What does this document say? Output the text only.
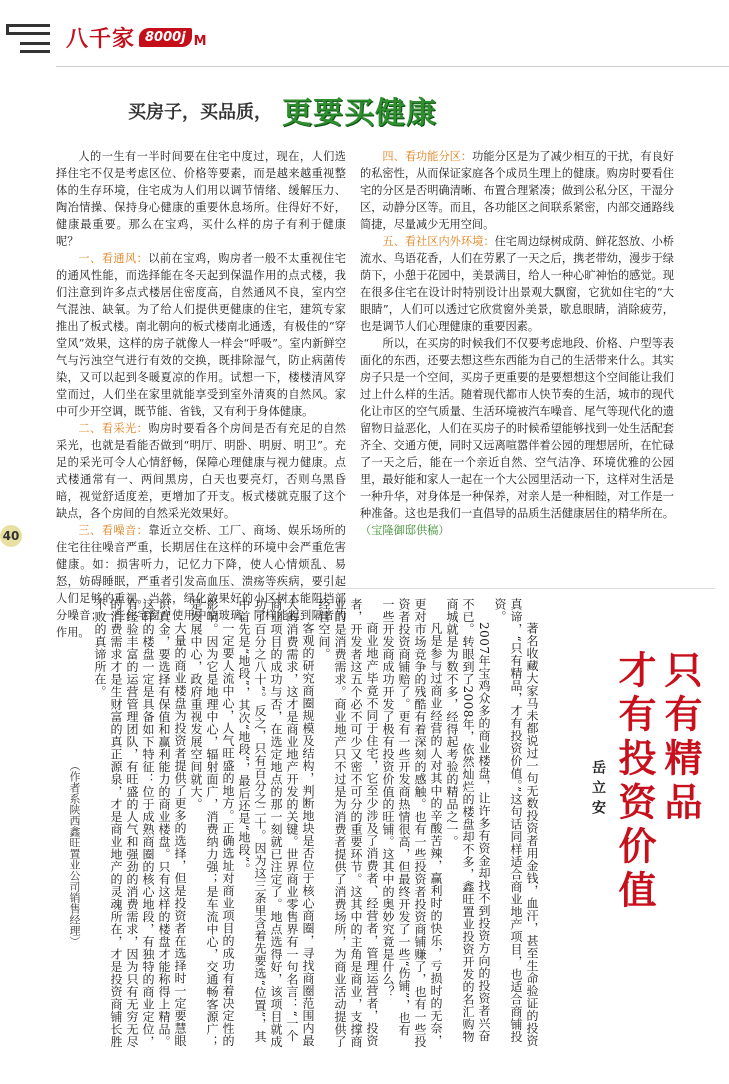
八千家 8000j M
买房子，买品质， 更要买健康

人的一生有一半时间要在住宅中度过，现在，人们选择住宅不仅是考虑区位、价格等要素，而是越来越重视整体的生存环境，住宅成为人们用以调节情绪、缓解压力、陶冶情操、保持身心健康的重要休息场所。住得好不好，健康最重要。那么在宝鸡，买什么样的房子有利于健康呢？

一、看通风：以前在宝鸡，购房者一般不太重视住宅的通风性能，而选择能在冬天起到保温作用的点式楼，我们注意到许多点式楼居住密度高，自然通风不良，室内空气混浊、缺氧。为了给人们提供更健康的住宅，建筑专家推出了板式楼。南北朝向的板式楼南北通透，有极佳的“穿堂风”效果，这样的房子就像人一样会“呼吸”。室内新鲜空气与污浊空气进行有效的交换，既排除湿气，防止病菌传染，又可以起到冬暖夏凉的作用。试想一下，楼楼清风穿堂而过，人们坐在家里就能享受到室外清爽的自然风。家中可少开空调，既节能、省钱，又有利于身体健康。

二、看采光：购房时要看各个房间是否有充足的自然采光，也就是看能否做到“明厅、明卧、明厨、明卫”。充足的采光可令人心情舒畅，保障心理健康与视力健康。点式楼通常有一、两间黑房，白天也要亮灯，否则乌黑昏暗，视觉舒适度差，更增加了开支。板式楼就克服了这个缺点，各个房间的自然采光效果好。

三、看噪音：靠近立交桥、工厂、商场、娱乐场所的住宅往往噪音严重，长期居住在这样的环境中会严重危害健康。如：损害听力，记忆力下降，使人心情烦乱、易怒，妨碍睡眠，严重者引发高血压、溃疡等疾病，要引起人们足够的重视。当然，绿化效果好的小区树木能阻挡部分噪音；一些住宅窗户使用中空玻璃，同样能起到隔音的作用。

40

四、看功能分区：功能分区是为了减少相互的干扰，有良好的私密性，从而保证家庭各个成员生理上的健康。购房时要看住宅的分区是否明确清晰、布置合理紧凑；做到公私分区，干湿分区，动静分区等。而且，各功能区之间联系紧密，内部交通路线简捷，尽量减少无用空间。

五、看社区内外环境：住宅周边绿树成荫、鲜花怒放、小桥流水、鸟语花香，人们在劳累了一天之后，携老带幼，漫步于绿荫下，小憩于花园中，美景满目，给人一种心旷神怡的感觉。现在很多住宅在设计时特别设计出景观大飘窗，它犹如住宅的“大眼睛”，人们可以透过它欣赏窗外美景，歇息眼睛，消除疲劳，也是调节人们心理健康的重要因素。

所以，在买房的时候我们不仅要考虑地段、价格、户型等表面化的东西，还要去想这些东西能为自己的生活带来什么。其实房子只是一个空间，买房子更重要的是要想想这个空间能让我们过上什么样的生活。随着现代都市人快节奏的生活，城市的现代化让市区的空气质量、生活环境被汽车噪音、尾气等现代化的遗留物日益恶化，人们在买房子的时候希望能够找到一处生活配套齐全、交通方便，同时又远离喧嚣伴着公园的理想居所，在忙碌了一天之后，能在一个亲近自然、空气洁净、环境优雅的公园里，最好能和家人一起在一个大公园里活动一下，这样对生活是一种升华，对身体是一种保养，对亲人是一种相睦，对工作是一种准备。这也是我们一直倡导的品质生活健康居住的精华所在。（宝隆御邸供稿）

著名收藏大家马未都说过一句无数投资者用金钱，血汗，甚至生命验证的投资真谛，“只有精品，才有投资价值。”这句话同样适合商业地产项目，也适合商铺投资。

2007年宝鸡众多的商业楼盘，让许多有资金却找不到投资方向的投资者兴奋不已。转眼到了2008年，依然灿烂的楼盘却不多，鑫旺置业投资开发的名汇购物商城就是为数不多，经得起考验的精品之一。

凡是参与过商业经营的人对其中的辛酸苦辣，赢利时的快乐，亏损时的无奈，更对市场竞争的残酷有着深刻的感触。也有一些投资者投资商铺赚了，也有一些投资者投资商铺赔了。更有一些开发商热情很高，但最终开发了一些“伤铺”，也有一些开发商成功开发了极有投资价值的旺铺。这其中的奥妙究竟是什么？

商业地产毕竟不同于住宅，它至少涉及了消费者、经营者，管理运营者，投资者，开发者这五个必不可少又密不可分的重要环节。这其中的主角是商业，支撑商业的是消费需求。商业地产只不过是为消费者提供了消费场所，为商业活动提供了经营空间。

客观的研究商圈规模及结构，判断地块是否位于核心商圈，寻找商圈范围内最大的消费需求，这才是商业地产开发的关键。世界商业零售界有一句名言：“一个商业项目的成功与否，在选定地点的那一刻就已注定了。地点选得好，该项目就成功了百分之八十”。反之，只有百分之二十。因为这三条里含着先要选“位置”，其中首先是“地段”，其次“地段”，最后还是“地段”。

一定要人流中心，人气旺盛的地方。正确选址对商业项目的成功有着决定性的影响。因为它是地理中心，辐射面广，消费纳力强；是车流中心，交通畅客源广；是发展中心，政府重视发展空间就大。

大量的商业楼盘为投资者提供了更多的选择，但是投资者在选择时一定要慧眼识真金，要选择有保值和赢利能力的商业楼盘。只有这样的楼盘才能称得上精品。这样的楼盘一定是具备如下特征：位于成熟商圈的核心地段，有独特的商业定位，有经验丰富的运营管理团队，有旺盛的人气和强劲的消费需求，因为只有无穷无尽的消费需求才是生财富的真正源泉，才是商业地产的灵魂所在，才是投资商铺长胜不败的真谛所在。

（作者系陕西鑫旺置业公司销售经理）	岳立安 只有精品
才有投资价值
